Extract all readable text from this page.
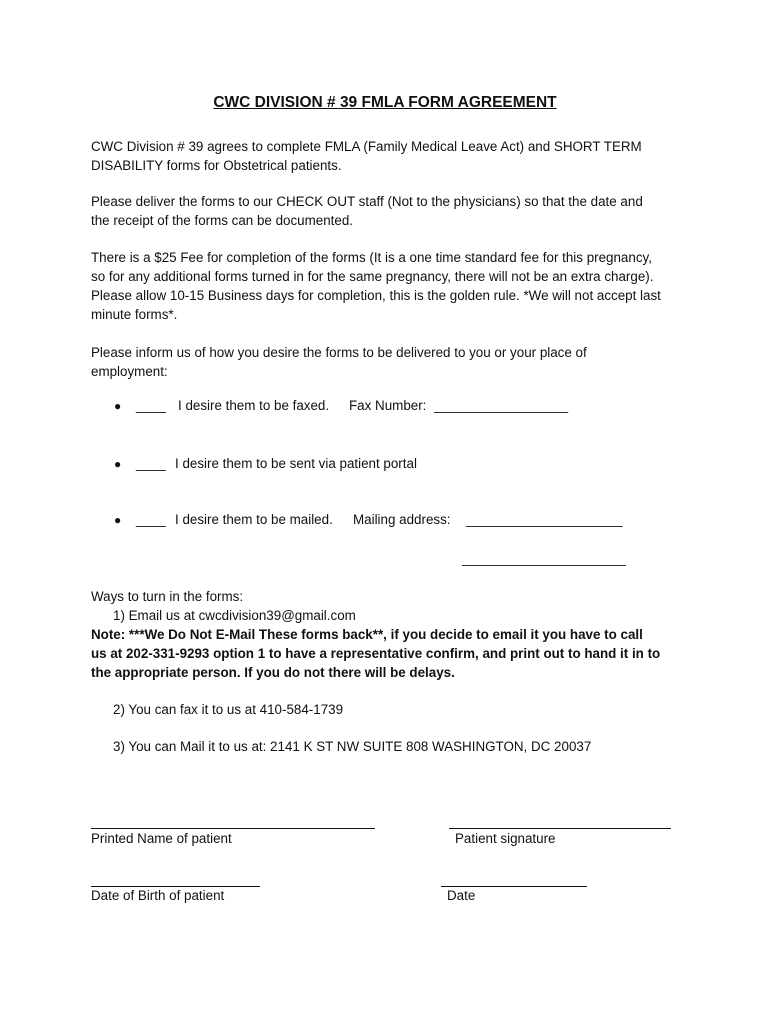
CWC DIVISION # 39 FMLA FORM AGREEMENT
CWC Division # 39 agrees to complete FMLA (Family Medical Leave Act) and SHORT TERM
DISABILITY forms for Obstetrical patients.
Please deliver the forms to our CHECK OUT staff (Not to the physicians) so that the date and
the receipt of the forms can be documented.
There is a $25 Fee for completion of the forms (It is a one time standard fee for this pregnancy,
so for any additional forms turned in for the same pregnancy, there will not be an extra charge).
Please allow 10-15 Business days for completion, this is the golden rule. *We will not accept last
minute forms*.
Please inform us of how you desire the forms to be delivered to you or your place of
employment:
● ____ I desire them to be faxed. Fax Number: __________________
● ____ I desire them to be sent via patient portal
● ____ I desire them to be mailed. Mailing address: _____________________
______________________
Ways to turn in the forms:
1) Email us at cwcdivision39@gmail.com
Note: ***We Do Not E-Mail These forms back**, if you decide to email it you have to call
us at 202-331-9293 option 1 to have a representative confirm, and print out to hand it in to
the appropriate person. If you do not there will be delays.
2) You can fax it to us at 410-584-1739
3) You can Mail it to us at: 2141 K ST NW SUITE 808 WASHINGTON, DC 20037
Printed Name of patient	Patient signature
Date of Birth of patient	Date
